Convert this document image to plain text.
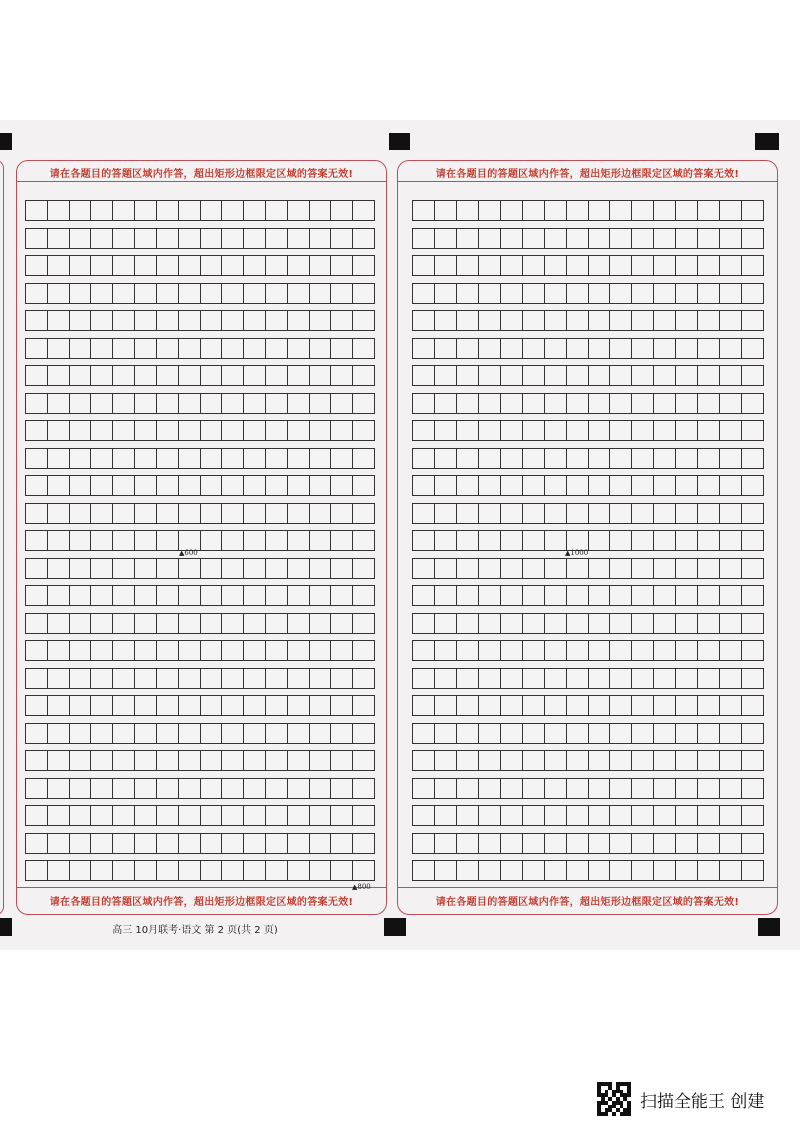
请在各题目的答题区域内作答，超出矩形边框限定区域的答案无效!
请在各题目的答题区域内作答，超出矩形边框限定区域的答案无效!
▲600
▲800
请在各题目的答题区域内作答，超出矩形边框限定区域的答案无效!
请在各题目的答题区域内作答，超出矩形边框限定区域的答案无效!
▲1000
高三 10月联考·语文 第 2 页(共 2 页)
扫描全能王 创建
